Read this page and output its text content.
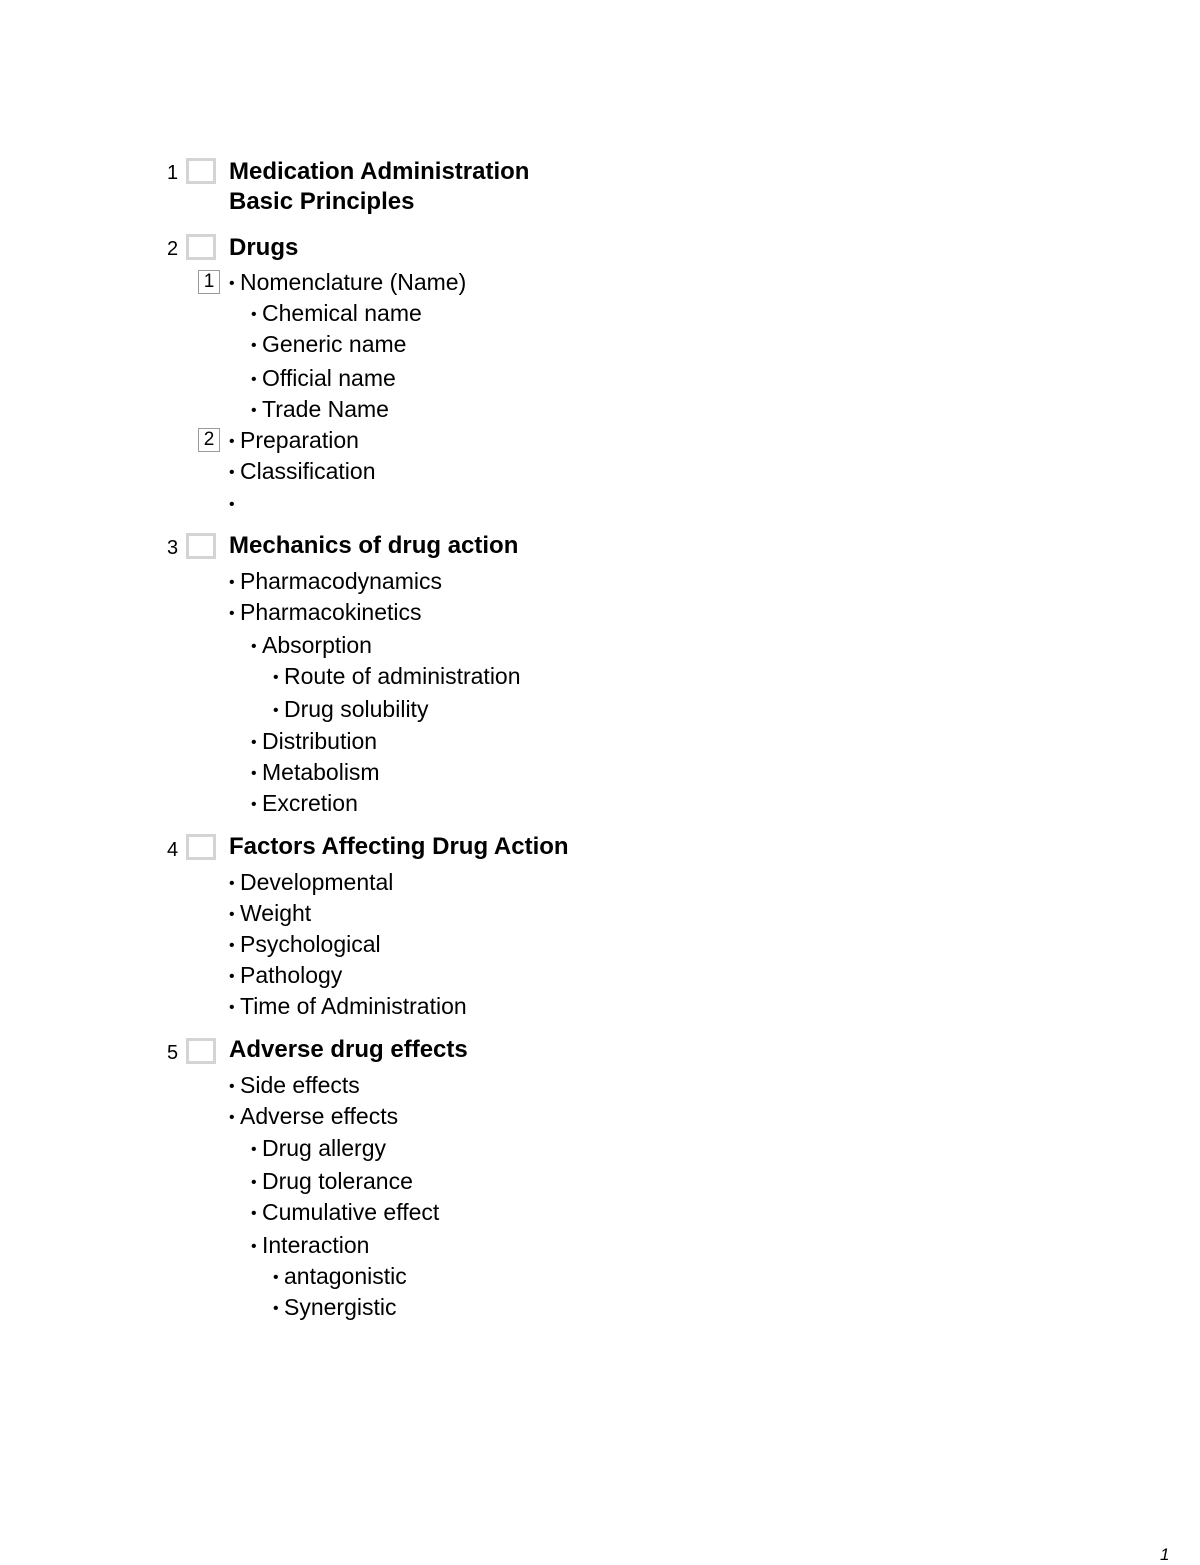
1 Medication Administration
Basic Principles
2 Drugs
1 • Nomenclature (Name)
• Chemical name
• Generic name
• Official name
• Trade Name
2 • Preparation
• Classification
•
3 Mechanics of drug action
• Pharmacodynamics
• Pharmacokinetics
• Absorption
• Route of administration
• Drug solubility
• Distribution
• Metabolism
• Excretion
4 Factors Affecting Drug Action
• Developmental
• Weight
• Psychological
• Pathology
• Time of Administration
5 Adverse drug effects
• Side effects
• Adverse effects
• Drug allergy
• Drug tolerance
• Cumulative effect
• Interaction
• antagonistic
• Synergistic
1
